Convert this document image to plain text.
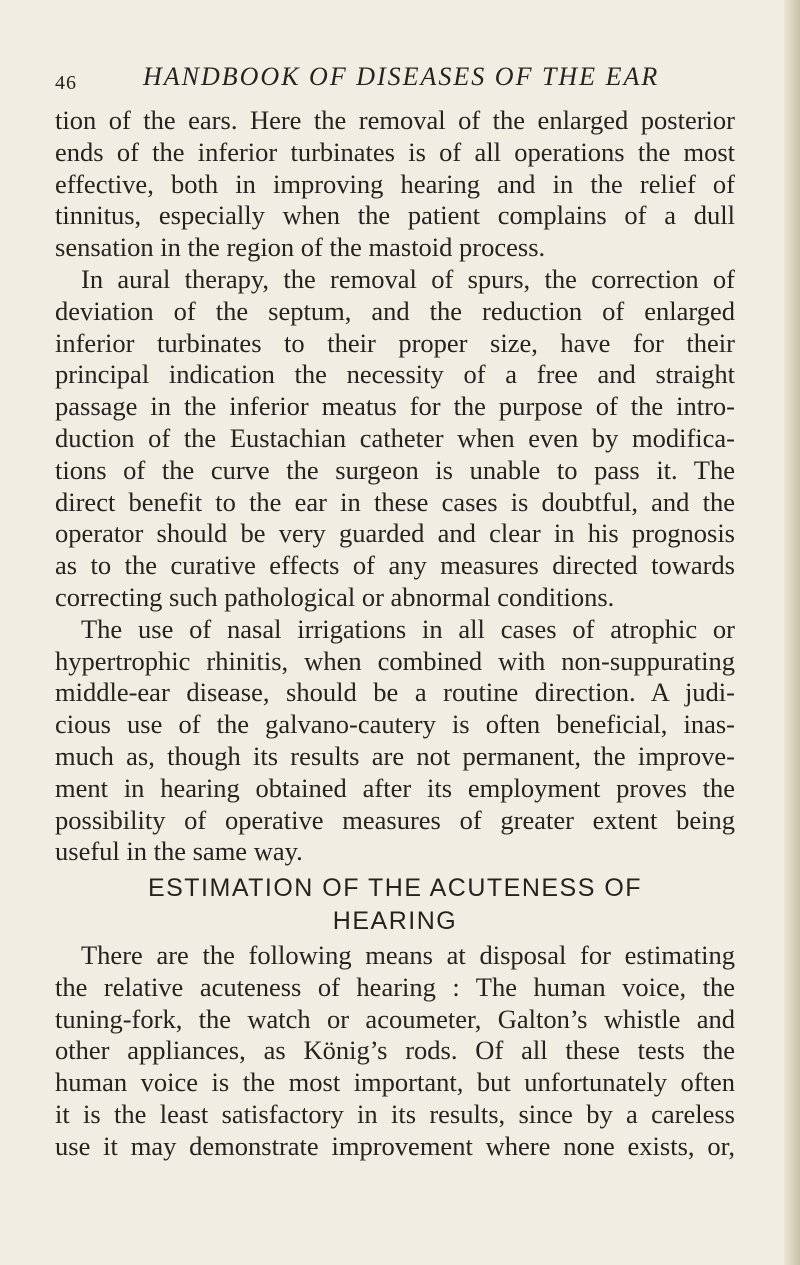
46	HANDBOOK OF DISEASES OF THE EAR
tion of the ears. Here the removal of the enlarged posterior
ends of the inferior turbinates is of all operations the most
effective, both in improving hearing and in the relief of
tinnitus, especially when the patient complains of a dull
sensation in the region of the mastoid process.
In aural therapy, the removal of spurs, the correction of
deviation of the septum, and the reduction of enlarged
inferior turbinates to their proper size, have for their
principal indication the necessity of a free and straight
passage in the inferior meatus for the purpose of the intro-
duction of the Eustachian catheter when even by modifica-
tions of the curve the surgeon is unable to pass it. The
direct benefit to the ear in these cases is doubtful, and the
operator should be very guarded and clear in his prognosis
as to the curative effects of any measures directed towards
correcting such pathological or abnormal conditions.
The use of nasal irrigations in all cases of atrophic or
hypertrophic rhinitis, when combined with non-suppurating
middle-ear disease, should be a routine direction. A judi-
cious use of the galvano-cautery is often beneficial, inas-
much as, though its results are not permanent, the improve-
ment in hearing obtained after its employment proves the
possibility of operative measures of greater extent being
useful in the same way.
ESTIMATION OF THE ACUTENESS OF
HEARING
There are the following means at disposal for estimating
the relative acuteness of hearing : The human voice, the
tuning-fork, the watch or acoumeter, Galton’s whistle and
other appliances, as König’s rods. Of all these tests the
human voice is the most important, but unfortunately often
it is the least satisfactory in its results, since by a careless
use it may demonstrate improvement where none exists, or,
